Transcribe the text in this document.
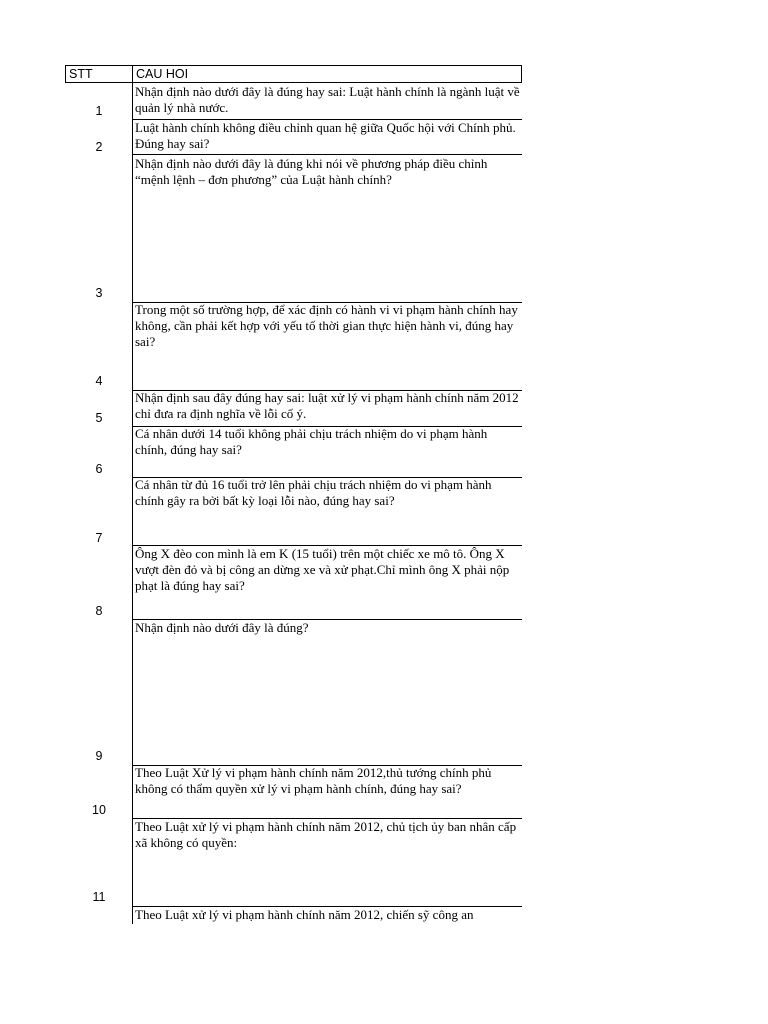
STT	CAU HOI

Nhận định nào dưới đây là đúng hay sai: Luật hành chính là ngành luật về quản lý nhà nước.

1

Luật hành chính không điều chỉnh quan hệ giữa Quốc hội với Chính phủ. Đúng hay sai?

2

Nhận định nào dưới đây là đúng khi nói về phương pháp điều chỉnh “mệnh lệnh – đơn phương” của Luật hành chính?

3

Trong một số trường hợp, để xác định có hành vi vi phạm hành chính hay không, cần phải kết hợp với yếu tố thời gian thực hiện hành vi, đúng hay sai?

4

Nhận định sau đây đúng hay sai: luật xử lý vi phạm hành chính năm 2012 chỉ đưa ra định nghĩa về lỗi cố ý.

5

Cá nhân dưới 14 tuổi không phải chịu trách nhiệm do vi phạm hành chính, đúng hay sai?

6

Cá nhân từ đủ 16 tuổi trở lên phải chịu trách nhiệm do vi phạm hành chính gây ra bởi bất kỳ loại lỗi nào, đúng hay sai?

7

Ông X đèo con mình là em K (15 tuổi) trên một chiếc xe mô tô. Ông X vượt đèn đỏ và bị công an dừng xe và xử phạt.Chỉ mình ông X phải nộp phạt là đúng hay sai?

8

Nhận định nào dưới đây là đúng?

9

Theo Luật Xử lý vi phạm hành chính năm 2012,thủ tướng chính phủ không có thẩm quyền xử lý vi phạm hành chính, đúng hay sai?

10

Theo Luật xử lý vi phạm hành chính năm 2012, chủ tịch ủy ban nhân cấp xã không có quyền:

11

Theo Luật xử lý vi phạm hành chính năm 2012, chiến sỹ công an
